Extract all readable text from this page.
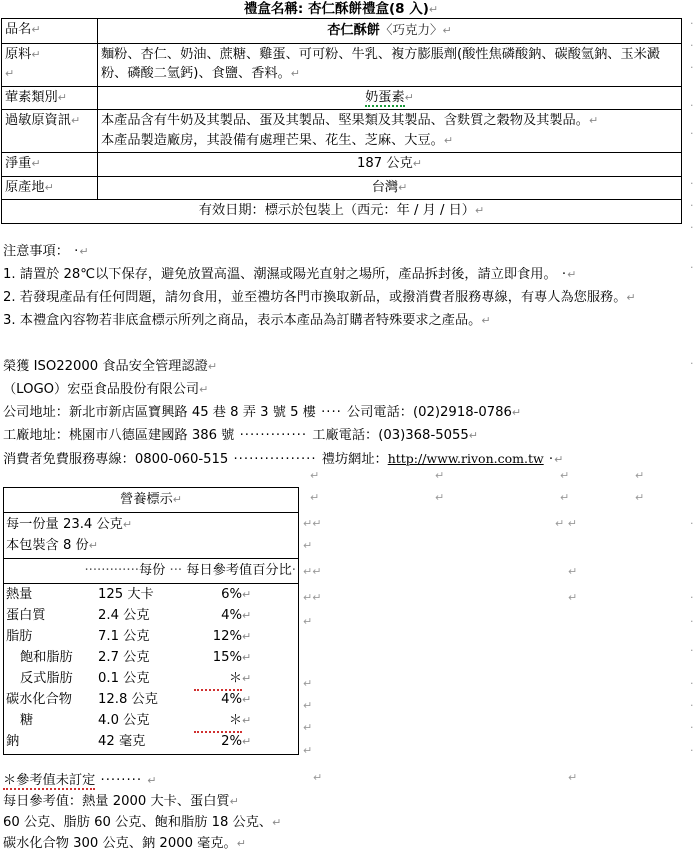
禮盒名稱: 杏仁酥餅禮盒(8 入)↵
品名↵	杏仁酥餅〈巧克力〉↵
原料↵
↵	麵粉、杏仁、奶油、蔗糖、雞蛋、可可粉、牛乳、複方膨脹劑(酸性焦磷酸鈉、碳酸氫鈉、玉米澱粉、磷酸二氫鈣)、食鹽、香料。↵
葷素類別↵	奶蛋素↵
過敏原資訊↵	本產品含有牛奶及其製品、蛋及其製品、堅果類及其製品、含麩質之穀物及其製品。↵
本產品製造廠房，其設備有處理芒果、花生、芝麻、大豆。↵
淨重↵	187 公克↵
原產地↵	台灣↵
有效日期：標示於包裝上（西元：年 / 月 / 日）↵	
注意事項： ·↵
1. 請置於 28℃以下保存，避免放置高溫、潮濕或陽光直射之場所，產品拆封後，請立即食用。 ·↵
2. 若發現產品有任何問題，請勿食用，並至禮坊各門市換取新品，或撥消費者服務專線，有專人為您服務。↵
3. 本禮盒內容物若非底盒標示所列之商品，表示本產品為訂購者特殊要求之產品。↵
榮獲 ISO22000 食品安全管理認證↵
（LOGO）宏亞食品股份有限公司↵
公司地址：新北市新店區寶興路 45 巷 8 弄 3 號 5 樓 ···· 公司電話：(02)2918-0786↵
工廠地址：桃園市八德區建國路 386 號 ············· 工廠電話：(03)368-5055↵
消費者免費服務專線：0800-060-515 ················ 禮坊網址：http://www.rivon.com.tw ·↵
營養標示↵
每一份量 23.4 公克↵
本包裝含 8 份↵
·············每份 ··· 每日參考值百分比·

熱量	125 大卡	6%↵
蛋白質	2.4 公克	4%↵
脂肪	7.1 公克	12%↵
飽和脂肪 2.7 公克	15%↵
反式脂肪 0.1 公克	＊↵
碳水化合物 12.8 公克	4%↵
糖	4.0 公克	＊↵
鈉	42 毫克	2%↵
＊參考值未訂定 ········ ↵
每日參考值：熱量 2000 大卡、蛋白質↵
60 公克、脂肪 60 公克、飽和脂肪 18 公克、↵
碳水化合物 300 公克、鈉 2000 毫克。↵
↵	↵	↵	↵
↵	↵	↵	↵
↵↵	↵ ↵	·
↵
↵↵	↵
↵↵	↵	·
↵	·
·
↵	·
↵	·
↵	·
↵	·
↵	↵
·
·
·
·
·
·
·
·
·
·
